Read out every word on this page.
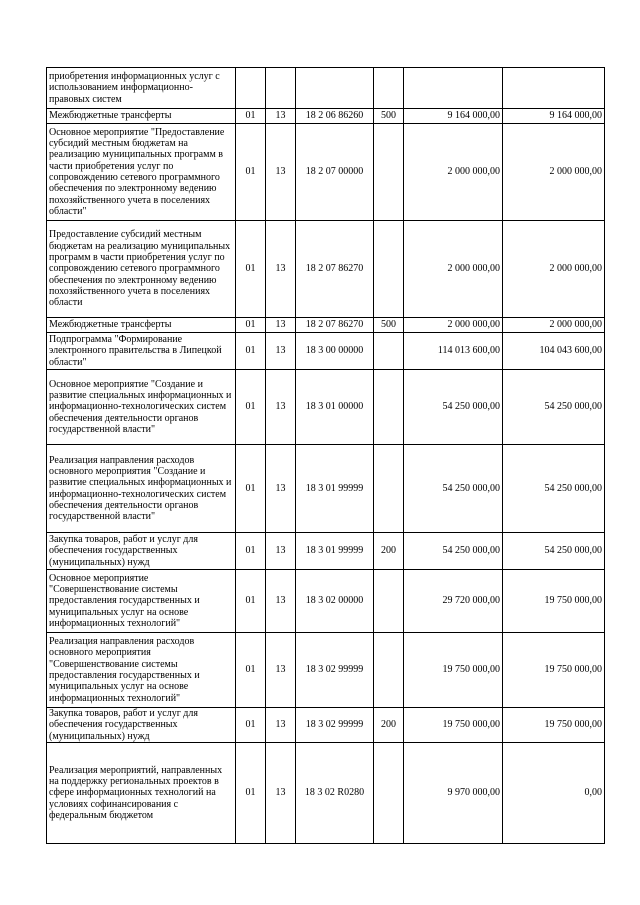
приобретения информационных услуг с использованием информационно-правовых систем						
Межбюджетные трансферты	01	13	18 2 06 86260	500	9 164 000,00	9 164 000,00
Основное мероприятие "Предоставление субсидий местным бюджетам на реализацию муниципальных программ в части приобретения услуг по сопровождению сетевого программного обеспечения по электронному ведению похозяйственного учета в поселениях области"	01	13	18 2 07 00000		2 000 000,00	2 000 000,00
Предоставление субсидий местным бюджетам на реализацию муниципальных программ в части приобретения услуг по сопровождению сетевого программного обеспечения по электронному ведению похозяйственного учета в поселениях области	01	13	18 2 07 86270		2 000 000,00	2 000 000,00
Межбюджетные трансферты	01	13	18 2 07 86270	500	2 000 000,00	2 000 000,00
Подпрограмма "Формирование электронного правительства в Липецкой области"	01	13	18 3 00 00000		114 013 600,00	104 043 600,00
Основное мероприятие "Создание и развитие специальных информационных и информационно-технологических систем обеспечения деятельности органов государственной власти"	01	13	18 3 01 00000		54 250 000,00	54 250 000,00
Реализация направления расходов основного мероприятия "Создание и развитие специальных информационных и информационно-технологических систем обеспечения деятельности органов государственной власти"	01	13	18 3 01 99999		54 250 000,00	54 250 000,00
Закупка товаров, работ и услуг для обеспечения государственных (муниципальных) нужд	01	13	18 3 01 99999	200	54 250 000,00	54 250 000,00
Основное мероприятие "Совершенствование системы предоставления государственных и муниципальных услуг на основе информационных технологий"	01	13	18 3 02 00000		29 720 000,00	19 750 000,00
Реализация направления расходов основного мероприятия "Совершенствование системы предоставления государственных и муниципальных услуг на основе информационных технологий"	01	13	18 3 02 99999		19 750 000,00	19 750 000,00
Закупка товаров, работ и услуг для обеспечения государственных (муниципальных) нужд	01	13	18 3 02 99999	200	19 750 000,00	19 750 000,00
Реализация мероприятий, направленных на поддержку региональных проектов в сфере информационных технологий на условиях софинансирования с федеральным бюджетом	01	13	18 3 02 R0280		9 970 000,00	0,00
